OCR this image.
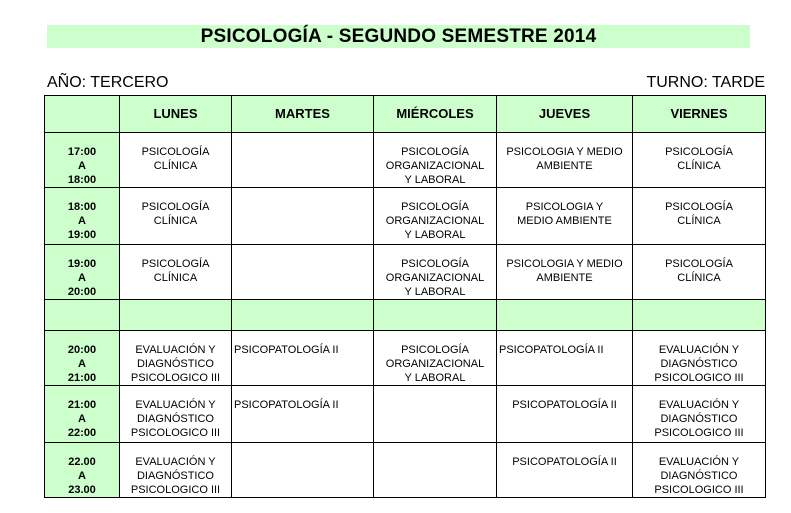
PSICOLOGÍA - SEGUNDO SEMESTRE 2014
AÑO: TERCERO	TURNO: TARDE
	LUNES	MARTES	MIÉRCOLES	JUEVES	VIERNES

17:00
A
18:00	PSICOLOGÍA
CLÍNICA		PSICOLOGÍA
ORGANIZACIONAL
Y LABORAL	PSICOLOGIA Y MEDIO
AMBIENTE	PSICOLOGÍA
CLÍNICA

18:00
A
19:00	PSICOLOGÍA
CLÍNICA		PSICOLOGÍA
ORGANIZACIONAL
Y LABORAL	PSICOLOGIA Y
MEDIO AMBIENTE	PSICOLOGÍA
CLÍNICA

19:00
A
20:00	PSICOLOGÍA
CLÍNICA		PSICOLOGÍA
ORGANIZACIONAL
Y LABORAL	PSICOLOGIA Y MEDIO
AMBIENTE	PSICOLOGÍA
CLÍNICA

20:00
A
21:00	EVALUACIÓN Y
DIAGNÓSTICO
PSICOLOGICO III	PSICOPATOLOGÍA II	PSICOLOGÍA
ORGANIZACIONAL
Y LABORAL	PSICOPATOLOGÍA II	EVALUACIÓN Y
DIAGNÓSTICO
PSICOLOGICO III

21:00
A
22:00	EVALUACIÓN Y
DIAGNÓSTICO
PSICOLOGICO III	PSICOPATOLOGÍA II		PSICOPATOLOGÍA II	EVALUACIÓN Y
DIAGNÓSTICO
PSICOLOGICO III

22.00
A
23.00	EVALUACIÓN Y
DIAGNÓSTICO
PSICOLOGICO III			PSICOPATOLOGÍA II	EVALUACIÓN Y
DIAGNÓSTICO
PSICOLOGICO III
